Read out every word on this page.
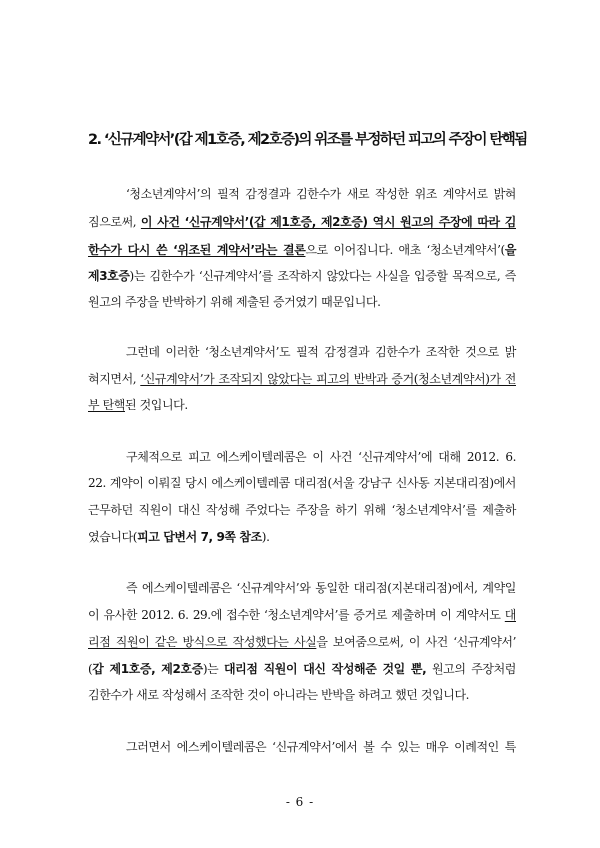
2. ‘신규계약서’(갑 제1호증, 제2호증)의 위조를 부정하던 피고의 주장이 탄핵됨

‘청소년계약서’의 필적 감정결과 김한수가 새로 작성한 위조 계약서로 밝혀

짐으로써, 이 사건 ‘신규계약서’(갑 제1호증, 제2호증) 역시 원고의 주장에 따라 김

한수가 다시 쓴 ‘위조된 계약서’라는 결론으로 이어집니다. 애초 ‘청소년계약서’(을

제3호증)는 김한수가 ‘신규계약서’를 조작하지 않았다는 사실을 입증할 목적으로, 즉

원고의 주장을 반박하기 위해 제출된 증거였기 때문입니다.

그런데 이러한 ‘청소년계약서’도 필적 감정결과 김한수가 조작한 것으로 밝

혀지면서, ‘신규계약서’가 조작되지 않았다는 피고의 반박과 증거(청소년계약서)가 전

부 탄핵된 것입니다.

구체적으로 피고 에스케이텔레콤은 이 사건 ‘신규계약서’에 대해 2012. 6.

22. 계약이 이뤄질 당시 에스케이텔레콤 대리점(서울 강남구 신사동 지본대리점)에서

근무하던 직원이 대신 작성해 주었다는 주장을 하기 위해 ‘청소년계약서’를 제출하

였습니다(피고 답변서 7, 9쪽 참조).

즉 에스케이텔레콤은 ‘신규계약서’와 동일한 대리점(지본대리점)에서, 계약일

이 유사한 2012. 6. 29.에 접수한 ‘청소년계약서’를 증거로 제출하며 이 계약서도 대

리점 직원이 같은 방식으로 작성했다는 사실을 보여줌으로써, 이 사건 ‘신규계약서’

(갑 제1호증, 제2호증)는 대리점 직원이 대신 작성해준 것일 뿐, 원고의 주장처럼

김한수가 새로 작성해서 조작한 것이 아니라는 반박을 하려고 했던 것입니다.

그러면서 에스케이텔레콤은 ‘신규계약서’에서 볼 수 있는 매우 이례적인 특

- 6 -
